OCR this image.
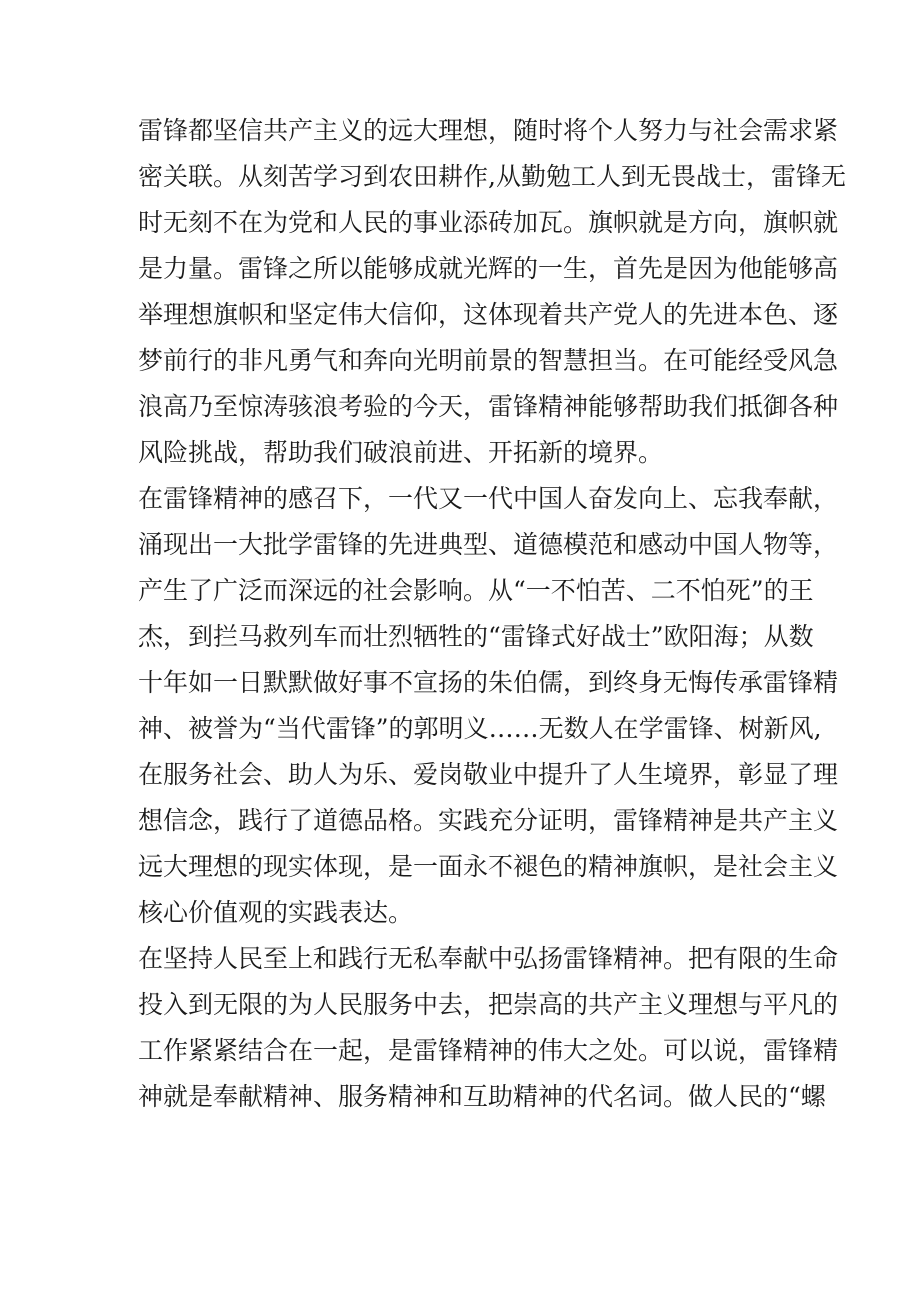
雷锋都坚信共产主义的远大理想，随时将个人努力与社会需求紧
密关联。从刻苦学习到农田耕作,从勤勉工人到无畏战士，雷锋无
时无刻不在为党和人民的事业添砖加瓦。旗帜就是方向，旗帜就
是力量。雷锋之所以能够成就光辉的一生，首先是因为他能够高
举理想旗帜和坚定伟大信仰，这体现着共产党人的先进本色、逐
梦前行的非凡勇气和奔向光明前景的智慧担当。在可能经受风急
浪高乃至惊涛骇浪考验的今天，雷锋精神能够帮助我们抵御各种
风险挑战，帮助我们破浪前进、开拓新的境界。

在雷锋精神的感召下，一代又一代中国人奋发向上、忘我奉献，
涌现出一大批学雷锋的先进典型、道德模范和感动中国人物等，
产生了广泛而深远的社会影响。从“一不怕苦、二不怕死”的王
杰，到拦马救列车而壮烈牺牲的“雷锋式好战士”欧阳海；从数
十年如一日默默做好事不宣扬的朱伯儒，到终身无悔传承雷锋精
神、被誉为“当代雷锋”的郭明义……无数人在学雷锋、树新风,
在服务社会、助人为乐、爱岗敬业中提升了人生境界，彰显了理
想信念，践行了道德品格。实践充分证明，雷锋精神是共产主义
远大理想的现实体现，是一面永不褪色的精神旗帜，是社会主义
核心价值观的实践表达。

在坚持人民至上和践行无私奉献中弘扬雷锋精神。把有限的生命
投入到无限的为人民服务中去，把崇高的共产主义理想与平凡的
工作紧紧结合在一起，是雷锋精神的伟大之处。可以说，雷锋精
神就是奉献精神、服务精神和互助精神的代名词。做人民的“螺
